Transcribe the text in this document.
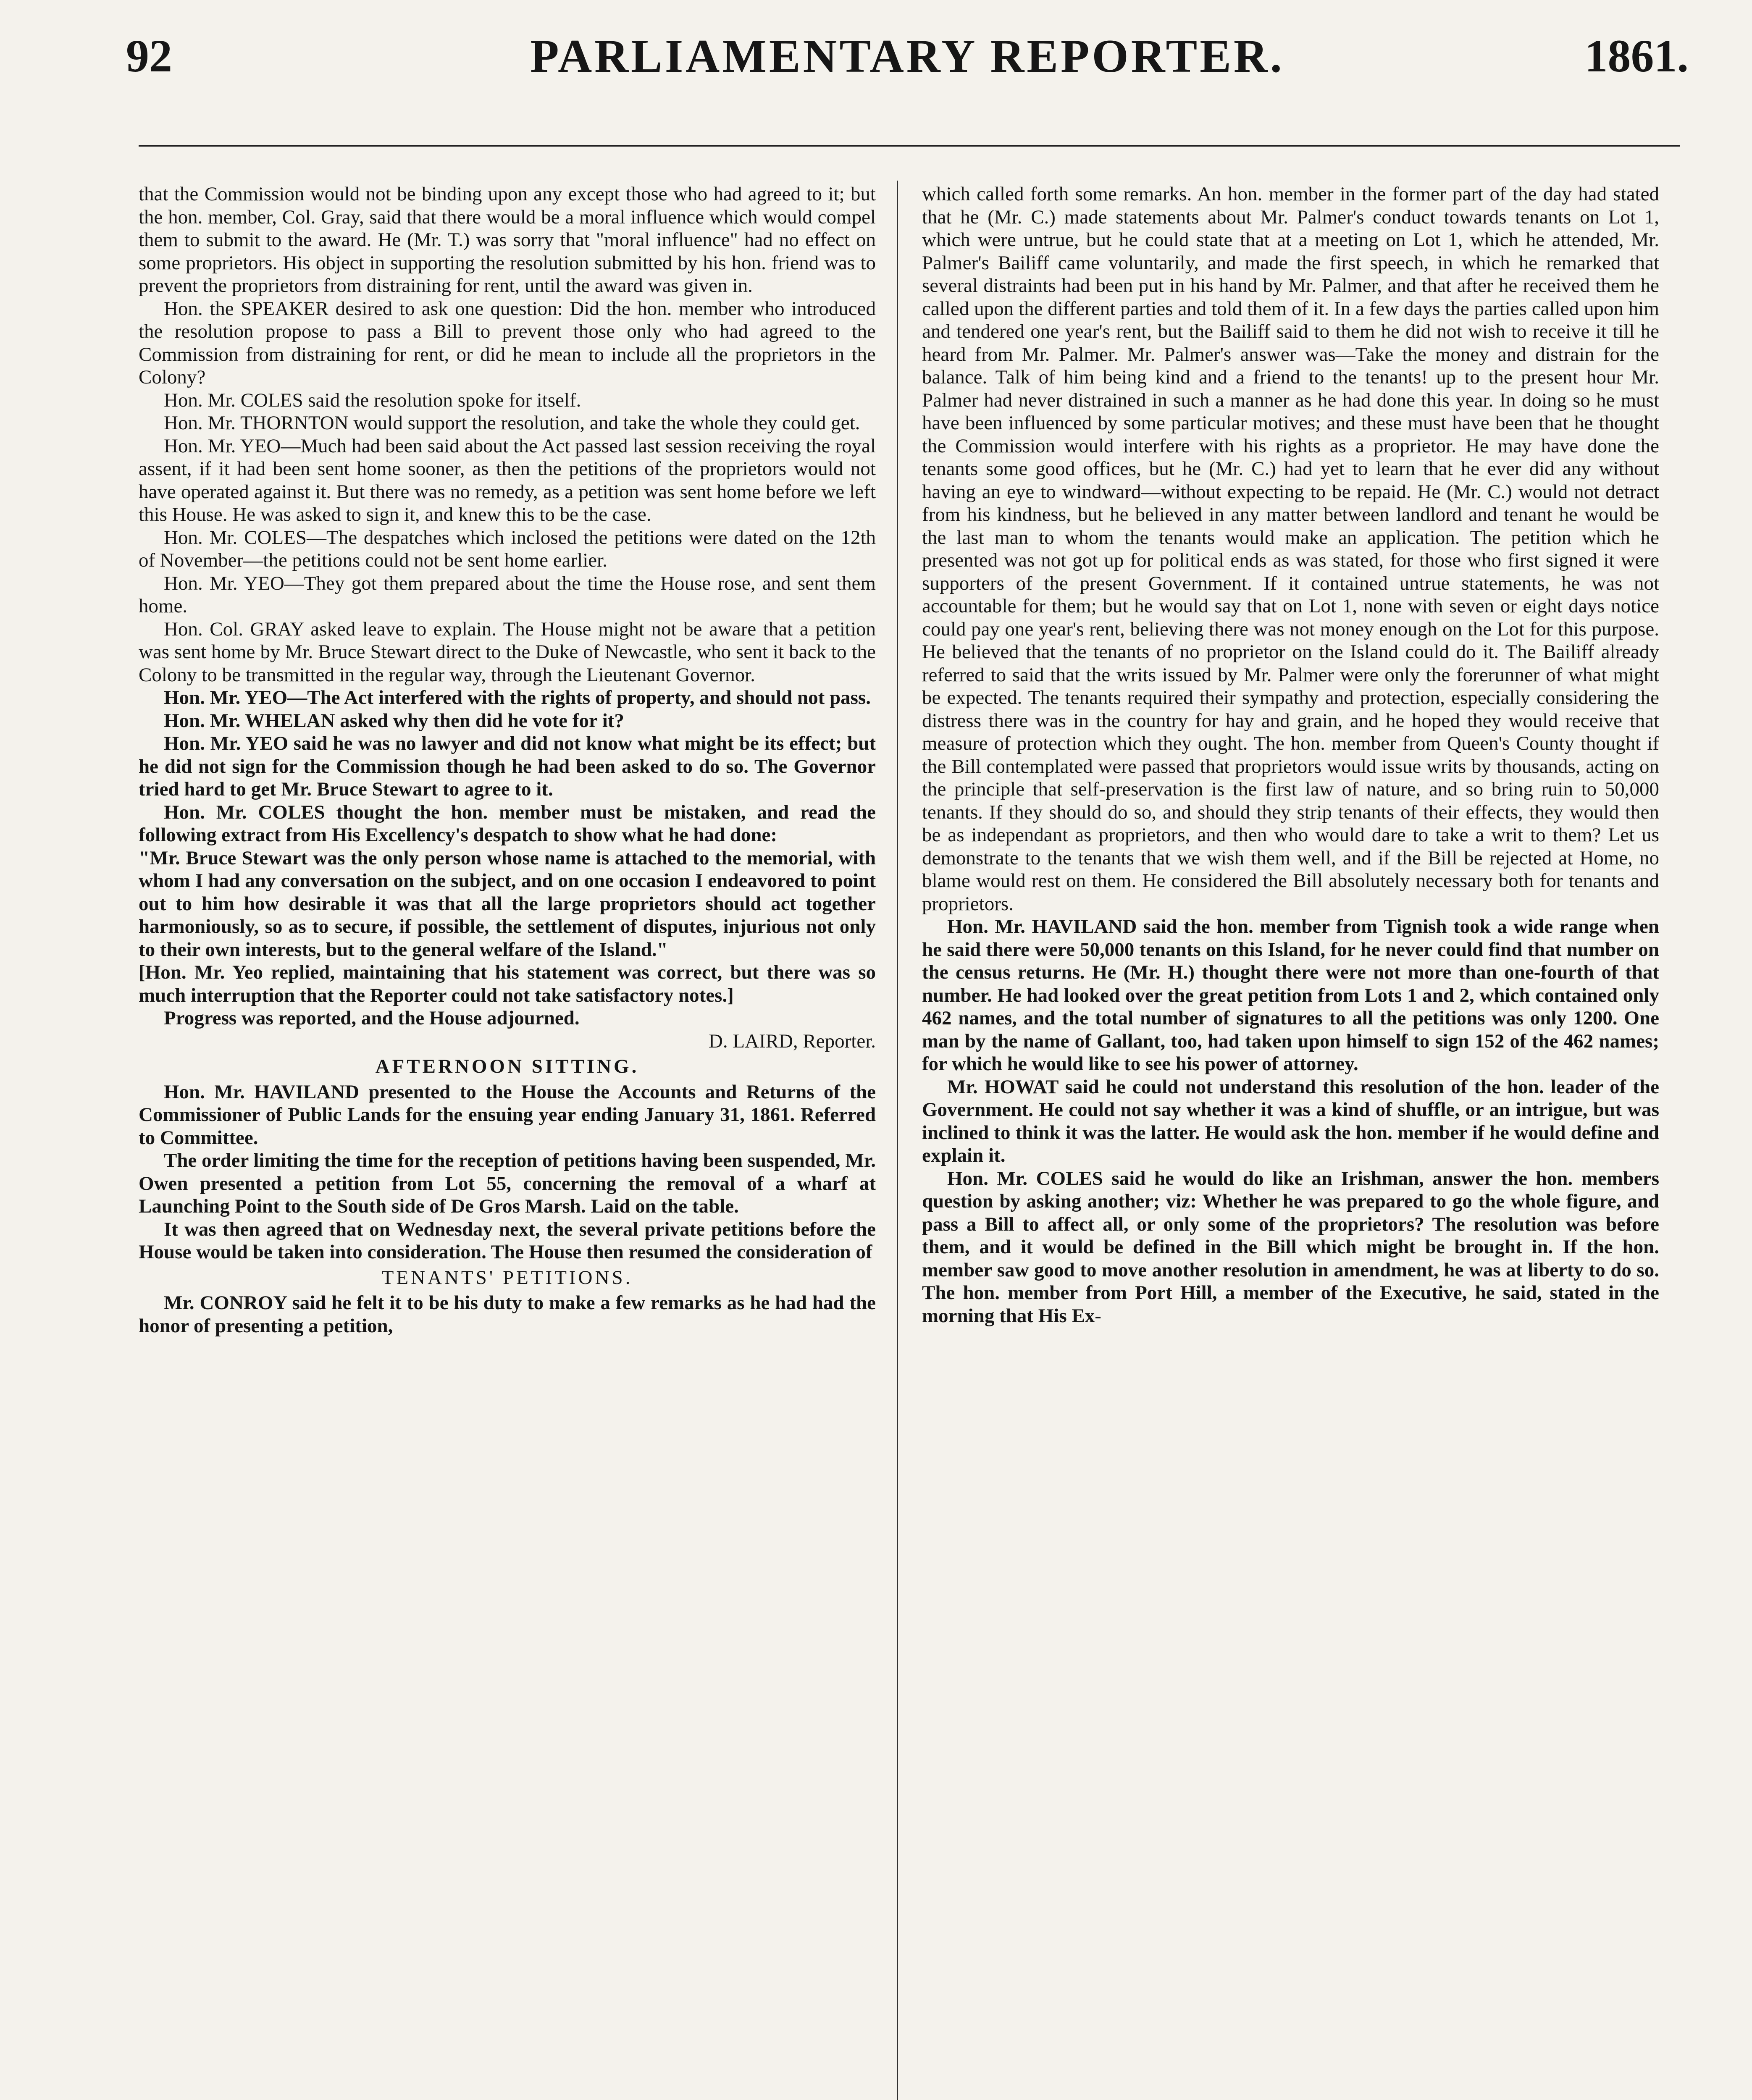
92	PARLIAMENTARY REPORTER.	1861.

that the Commission would not be binding upon any except those who had agreed to it; but the hon. member, Col. Gray, said that there would be a moral influence which would compel them to submit to the award. He (Mr. T.) was sorry that "moral influence" had no effect on some proprietors. His object in supporting the resolution submitted by his hon. friend was to prevent the proprietors from distraining for rent, until the award was given in.

Hon. the SPEAKER desired to ask one question: Did the hon. member who introduced the resolution propose to pass a Bill to prevent those only who had agreed to the Commission from distraining for rent, or did he mean to include all the proprietors in the Colony?

Hon. Mr. COLES said the resolution spoke for itself.

Hon. Mr. THORNTON would support the resolution, and take the whole they could get.

Hon. Mr. YEO—Much had been said about the Act passed last session receiving the royal assent, if it had been sent home sooner, as then the petitions of the proprietors would not have operated against it. But there was no remedy, as a petition was sent home before we left this House. He was asked to sign it, and knew this to be the case.

Hon. Mr. COLES—The despatches which inclosed the petitions were dated on the 12th of November—the petitions could not be sent home earlier.

Hon. Mr. YEO—They got them prepared about the time the House rose, and sent them home.

Hon. Col. GRAY asked leave to explain. The House might not be aware that a petition was sent home by Mr. Bruce Stewart direct to the Duke of Newcastle, who sent it back to the Colony to be transmitted in the regular way, through the Lieutenant Governor.

Hon. Mr. YEO—The Act interfered with the rights of property, and should not pass.

Hon. Mr. WHELAN asked why then did he vote for it?

Hon. Mr. YEO said he was no lawyer and did not know what might be its effect; but he did not sign for the Commission though he had been asked to do so. The Governor tried hard to get Mr. Bruce Stewart to agree to it.

Hon. Mr. COLES thought the hon. member must be mistaken, and read the following extract from His Excellency's despatch to show what he had done:

"Mr. Bruce Stewart was the only person whose name is attached to the memorial, with whom I had any conversation on the subject, and on one occasion I endeavored to point out to him how desirable it was that all the large proprietors should act together harmoniously, so as to secure, if possible, the settlement of disputes, injurious not only to their own interests, but to the general welfare of the Island."

[Hon. Mr. Yeo replied, maintaining that his statement was correct, but there was so much interruption that the Reporter could not take satisfactory notes.]

Progress was reported, and the House adjourned.

D. LAIRD, Reporter.

AFTERNOON SITTING.

Hon. Mr. HAVILAND presented to the House the Accounts and Returns of the Commissioner of Public Lands for the ensuing year ending January 31, 1861. Referred to Committee.

The order limiting the time for the reception of petitions having been suspended, Mr. Owen presented a petition from Lot 55, concerning the removal of a wharf at Launching Point to the South side of De Gros Marsh. Laid on the table.

It was then agreed that on Wednesday next, the several private petitions before the House would be taken into consideration. The House then resumed the consideration of

TENANTS' PETITIONS.

Mr. CONROY said he felt it to be his duty to make a few remarks as he had had the honor of presenting a petition,

which called forth some remarks. An hon. member in the former part of the day had stated that he (Mr. C.) made statements about Mr. Palmer's conduct towards tenants on Lot 1, which were untrue, but he could state that at a meeting on Lot 1, which he attended, Mr. Palmer's Bailiff came voluntarily, and made the first speech, in which he remarked that several distraints had been put in his hand by Mr. Palmer, and that after he received them he called upon the different parties and told them of it. In a few days the parties called upon him and tendered one year's rent, but the Bailiff said to them he did not wish to receive it till he heard from Mr. Palmer. Mr. Palmer's answer was—Take the money and distrain for the balance. Talk of him being kind and a friend to the tenants! up to the present hour Mr. Palmer had never distrained in such a manner as he had done this year. In doing so he must have been influenced by some particular motives; and these must have been that he thought the Commission would interfere with his rights as a proprietor. He may have done the tenants some good offices, but he (Mr. C.) had yet to learn that he ever did any without having an eye to windward—without expecting to be repaid. He (Mr. C.) would not detract from his kindness, but he believed in any matter between landlord and tenant he would be the last man to whom the tenants would make an application. The petition which he presented was not got up for political ends as was stated, for those who first signed it were supporters of the present Government. If it contained untrue statements, he was not accountable for them; but he would say that on Lot 1, none with seven or eight days notice could pay one year's rent, believing there was not money enough on the Lot for this purpose. He believed that the tenants of no proprietor on the Island could do it. The Bailiff already referred to said that the writs issued by Mr. Palmer were only the forerunner of what might be expected. The tenants required their sympathy and protection, especially considering the distress there was in the country for hay and grain, and he hoped they would receive that measure of protection which they ought. The hon. member from Queen's County thought if the Bill contemplated were passed that proprietors would issue writs by thousands, acting on the principle that self-preservation is the first law of nature, and so bring ruin to 50,000 tenants. If they should do so, and should they strip tenants of their effects, they would then be as independant as proprietors, and then who would dare to take a writ to them? Let us demonstrate to the tenants that we wish them well, and if the Bill be rejected at Home, no blame would rest on them. He considered the Bill absolutely necessary both for tenants and proprietors.

Hon. Mr. HAVILAND said the hon. member from Tignish took a wide range when he said there were 50,000 tenants on this Island, for he never could find that number on the census returns. He (Mr. H.) thought there were not more than one-fourth of that number. He had looked over the great petition from Lots 1 and 2, which contained only 462 names, and the total number of signatures to all the petitions was only 1200. One man by the name of Gallant, too, had taken upon himself to sign 152 of the 462 names; for which he would like to see his power of attorney.

Mr. HOWAT said he could not understand this resolution of the hon. leader of the Government. He could not say whether it was a kind of shuffle, or an intrigue, but was inclined to think it was the latter. He would ask the hon. member if he would define and explain it.

Hon. Mr. COLES said he would do like an Irishman, answer the hon. members question by asking another; viz: Whether he was prepared to go the whole figure, and pass a Bill to affect all, or only some of the proprietors? The resolution was before them, and it would be defined in the Bill which might be brought in. If the hon. member saw good to move another resolution in amendment, he was at liberty to do so. The hon. member from Port Hill, a member of the Executive, he said, stated in the morning that His Ex-
